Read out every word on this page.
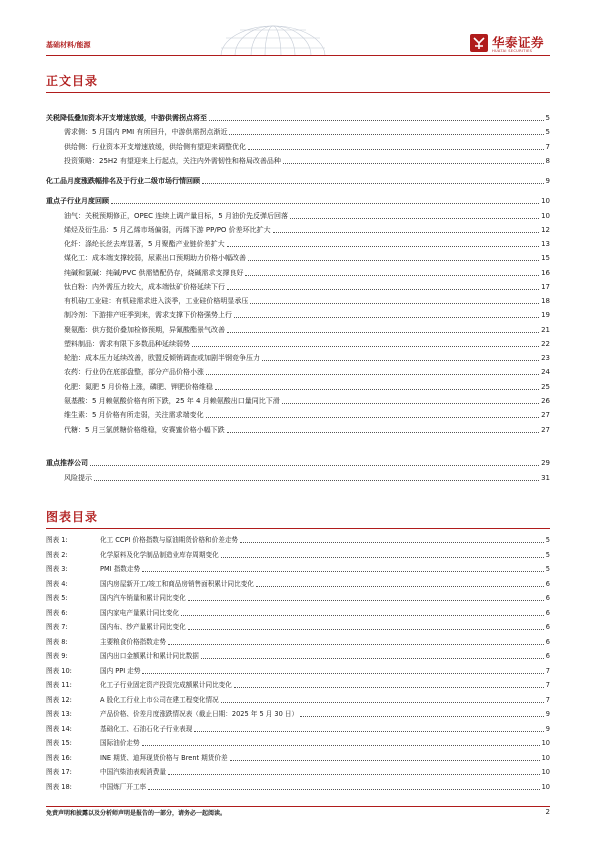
基础材料/能源	华泰证券
HUATAI SECURITIES
正文目录
关税降低叠加资本开支增速放缓，中游供需拐点将至	5
需求侧：5 月国内 PMI 有所回升，中游供需拐点渐近	5
供给侧：行业资本开支增速放缓，供给侧有望迎来调整优化	7
投资策略：25H2 有望迎来上行起点，关注内外需韧性和格局改善品种	8
化工品月度涨跌幅排名及于行业二级市场行情回顾	9
重点子行业月度回顾	10
油气：关税预期修正，OPEC 连续上调产量目标，5 月油价先反弹后回落	10
烯烃及衍生品：5 月乙烯市场偏弱，丙烯下游 PP/PO 价差环比扩大	12
化纤：涤纶长丝去库显著，5 月聚酯产业链价差扩大	13
煤化工：成本端支撑较弱，尿素出口预期助力价格小幅改善	15
纯碱和氯碱：纯碱/PVC 供需错配仍存，烧碱需求支撑良好	16
钛白粉：内外需压力较大，成本端钛矿价格延续下行	17
有机硅/工业硅：有机硅需求进入淡季，工业硅价格明显承压	18
制冷剂：下游排产旺季到来，需求支撑下价格强势上行	19
聚氨酯：供方挺价叠加检修预期，异氰酸酯景气改善	21
塑料制品：需求有限下多数品种延续弱势	22
轮胎：成本压力延续改善，欧盟反倾销调查或加剧半钢竞争压力	23
农药：行业仍在底部盘整，部分产品价格小涨	24
化肥：氮肥 5 月价格上涨，磷肥、钾肥价格维稳	25
氨基酸：5 月赖氨酸价格有所下跌，25 年 4 月赖氨酸出口量同比下滑	26
维生素：5 月价格有所走弱，关注需求端变化	27
代糖：5 月三氯蔗糖价格维稳，安赛蜜价格小幅下跌	27
重点推荐公司	29
风险提示	31
图表目录
图表 1:	化工 CCPI 价格指数与原油期货价格和价差走势	5
图表 2:	化学原料及化学制品制造业库存周期变化	5
图表 3:	PMI 指数走势	5
图表 4:	国内房屋新开工/竣工和商品房销售面积累计同比变化	6
图表 5:	国内汽车销量和累计同比变化	6
图表 6:	国内家电产量累计同比变化	6
图表 7:	国内布、纱产量累计同比变化	6
图表 8:	主要粮食价格指数走势	6
图表 9:	国内出口金额累计和累计同比数据	6
图表 10:	国内 PPI 走势	7
图表 11:	化工子行业固定资产投资完成额累计同比变化	7
图表 12:	A 股化工行业上市公司在建工程变化情况	7
图表 13:	产品价格、价差月度涨跌情况表（截止日期：2025 年 5 月 30 日）	9
图表 14:	基础化工、石油石化子行业表现	9
图表 15:	国际油价走势	10
图表 16:	INE 期货、迪拜现货价格与 Brent 期货价差	10
图表 17:	中国汽柴油表观消费量	10
图表 18:	中国炼厂开工率	10
免责声明和披露以及分析师声明是报告的一部分，请务必一起阅读。	2
